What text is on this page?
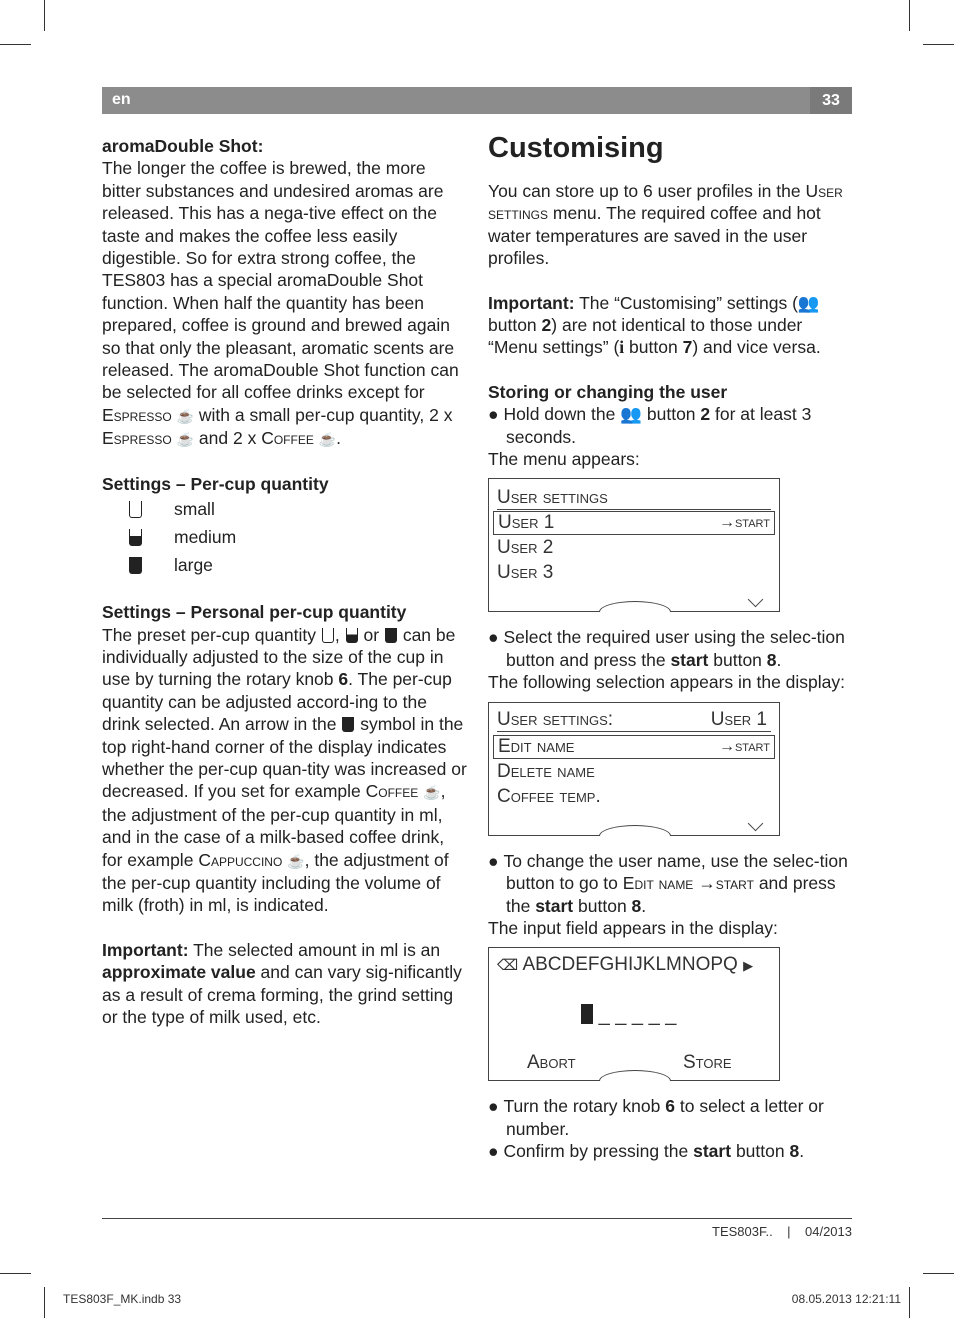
en	33

aromaDouble Shot:

The longer the coffee is brewed, the more bitter substances and undesired aromas are released. This has a nega-tive effect on the taste and makes the coffee less easily digestible. So for extra strong coffee, the TES803 has a special aromaDouble Shot function. When half the quantity has been prepared, coffee is ground and brewed again so that only the pleasant, aromatic scents are released. The aromaDouble Shot function can be selected for all coffee drinks except for Espresso ☕ with a small per-cup quantity, 2 x Espresso ☕ and 2 x Coffee ☕.

Settings – Per-cup quantity

small
medium
large

Settings – Personal per-cup quantity

The preset per-cup quantity ,  or can be individually adjusted to the size of the cup in use by turning the rotary knob 6. The per-cup quantity can be adjusted accord-ing to the drink selected. An arrow in the symbol in the top right-hand corner of the display indicates whether the per-cup quan-tity was increased or decreased. If you set for example Coffee ☕, the adjustment of the per-cup quantity in ml, and in the case of a milk-based coffee drink, for example Cappuccino ☕, the adjustment of the per-cup quantity including the volume of milk (froth) in ml, is indicated.

Important: The selected amount in ml is an approximate value and can vary sig-nificantly as a result of crema forming, the grind setting or the type of milk used, etc.

Customising

You can store up to 6 user profiles in the User settings menu. The required coffee and hot water temperatures are saved in the user profiles.

Important: The “Customising” settings (👥 button 2) are not identical to those under “Menu settings” (i button 7) and vice versa.

Storing or changing the user

● Hold down the 👥 button 2 for at least 3 seconds.

The menu appears:

User settings
User 1	→start
User 2
User 3

● Select the required user using the selec-tion button and press the start button 8.

The following selection appears in the display:

User settings:	User 1
Edit name	→start
Delete name
Coffee temp.

● To change the user name, use the selec-tion button to go to Edit name →start and press the start button 8.

The input field appears in the display:

⌫ ABCDEFGHIJKLMNOPQ ▶
_ _ _ _ _
Abort	Store

● Turn the rotary knob 6 to select a letter or number.

● Confirm by pressing the start button 8.

TES803F.. | 04/2013
TES803F_MK.indb 33	08.05.2013 12:21:11
